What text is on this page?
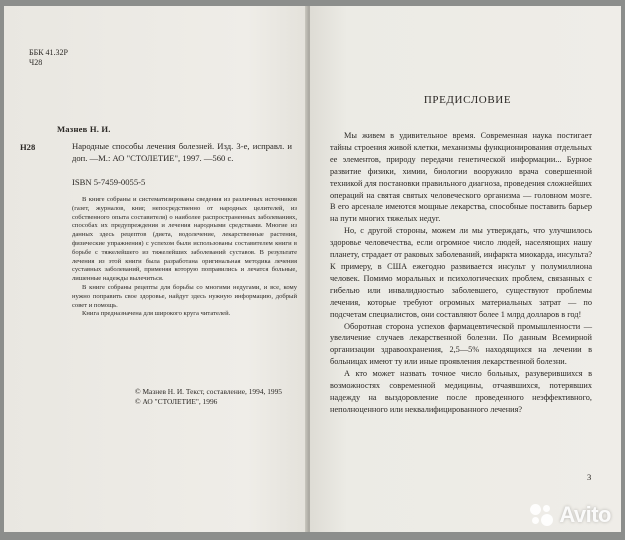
ББК 41.32Р
Ч28
Мазнев Н. И.
Н28	Народные способы лечения болезней. Изд. 3-е, исправл. и доп. —М.: АО "СТОЛЕТИЕ", 1997. —560 с.

ISBN 5-7459-0055-5

В книге собраны и систематизированы сведения из различных источников (газет, журналов, книг, непосредственно от народных целителей, из собственного опыта составителя) о наиболее распространенных заболеваниях, способах их предупреждения и лечения народными средствами. Многие из данных здесь рецептов (диета, водолечение, лекарственные растения, физические упражнения) с успехом были использованы составителем книги в борьбе с тяжелейшего из тяжелейших заболеваний суставов. В результате лечения из этой книги была разработана оригинальная методика лечения суставных заболеваний, применяя которую поправились и лечатся больные, лишенные надежды вылечиться.

В книге собраны рецепты для борьбы со многими недугами, и все, кому нужно поправить свое здоровье, найдут здесь нужную информацию, добрый совет и помощь.

Книга предназначена для широкого круга читателей.

© Мазнев Н. И. Текст, составление, 1994, 1995
© АО "СТОЛЕТИЕ", 1996
ПРЕДИСЛОВИЕ

Мы живем в удивительное время. Современная наука постигает тайны строения живой клетки, механизмы функционирования отдельных ее элементов, природу передачи генетической информации... Бурное развитие физики, химии, биологии вооружило врача совершенной техникой для постановки правильного диагноза, проведения сложнейших операций на святая святых человеческого организма — головном мозге. В его арсенале имеются мощные лекарства, способные поставить барьер на пути многих тяжелых недуг.

Но, с другой стороны, можем ли мы утверждать, что улучшилось здоровье человечества, если огромное число людей, населяющих нашу планету, страдает от раковых заболеваний, инфаркта миокарда, инсульта? К примеру, в США ежегодно развивается инсульт у полумиллиона человек. Помимо моральных и психологических проблем, связанных с гибелью или инвалидностью заболевшего, существуют проблемы лечения, которые требуют огромных материальных затрат — по подсчетам специалистов, они составляют более 1 млрд долларов в год!

Оборотная сторона успехов фармацевтической промышленности — увеличение случаев лекарственной болезни. По данным Всемирной организации здравоохранения, 2,5—5% находящихся на лечении в больницах имеют ту или иные проявления лекарственной болезни.

А кто может назвать точное число больных, разуверившихся в возможностях современной медицины, отчаявшихся, потерявших надежду на выздоровление после проведенного неэффективного, неполноценного или неквалифицированного лечения?

3
Avito
